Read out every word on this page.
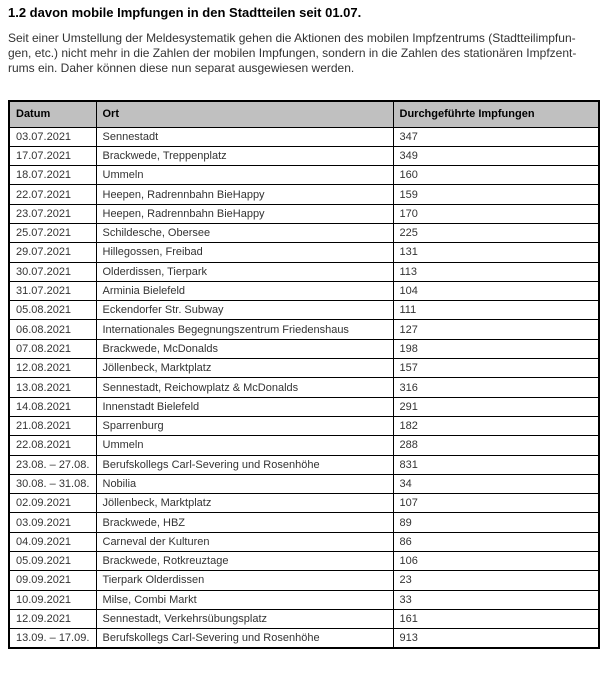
1.2 davon mobile Impfungen in den Stadtteilen seit 01.07.
Seit einer Umstellung der Meldesystematik gehen die Aktionen des mobilen Impfzentrums (Stadtteilimpfun-
gen, etc.) nicht mehr in die Zahlen der mobilen Impfungen, sondern in die Zahlen des stationären Impfzent-
rums ein. Daher können diese nun separat ausgewiesen werden.
Datum	Ort	Durchgeführte Impfungen
03.07.2021	Sennestadt	347
17.07.2021	Brackwede, Treppenplatz	349
18.07.2021	Ummeln	160
22.07.2021	Heepen, Radrennbahn BieHappy	159
23.07.2021	Heepen, Radrennbahn BieHappy	170
25.07.2021	Schildesche, Obersee	225
29.07.2021	Hillegossen, Freibad	131
30.07.2021	Olderdissen, Tierpark	113
31.07.2021	Arminia Bielefeld	104
05.08.2021	Eckendorfer Str. Subway	111
06.08.2021	Internationales Begegnungszentrum Friedenshaus	127
07.08.2021	Brackwede, McDonalds	198
12.08.2021	Jöllenbeck, Marktplatz	157
13.08.2021	Sennestadt, Reichowplatz & McDonalds	316
14.08.2021	Innenstadt Bielefeld	291
21.08.2021	Sparrenburg	182
22.08.2021	Ummeln	288
23.08. – 27.08.	Berufskollegs Carl-Severing und Rosenhöhe	831
30.08. – 31.08.	Nobilia	34
02.09.2021	Jöllenbeck, Marktplatz	107
03.09.2021	Brackwede, HBZ	89
04.09.2021	Carneval der Kulturen	86
05.09.2021	Brackwede, Rotkreuztage	106
09.09.2021	Tierpark Olderdissen	23
10.09.2021	Milse, Combi Markt	33
12.09.2021	Sennestadt, Verkehrsübungsplatz	161
13.09. – 17.09.	Berufskollegs Carl-Severing und Rosenhöhe	913
